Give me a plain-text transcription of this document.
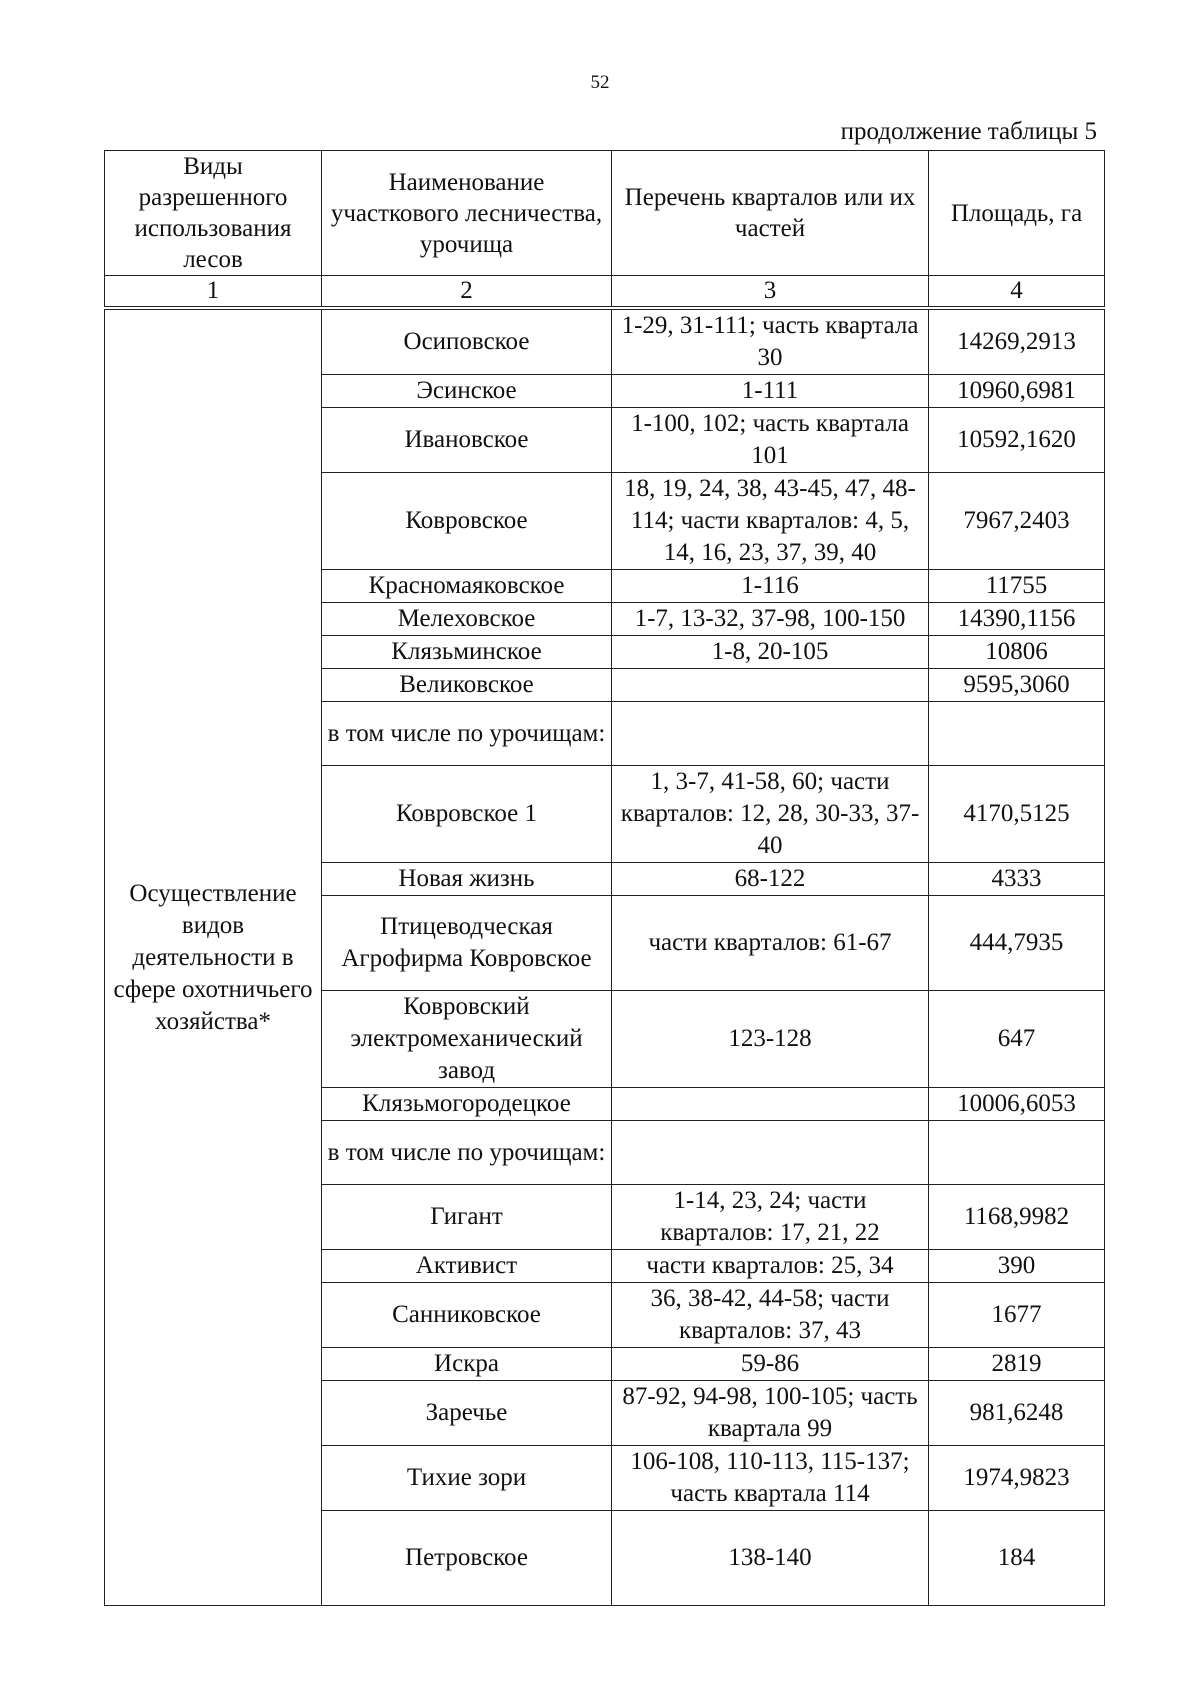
52
продолжение таблицы 5
Виды разрешенного использования лесов	Наименование участкового лесничества, урочища	Перечень кварталов или их частей	Площадь, га
1	2	3	4
Осуществление видов деятельности в сфере охотничьего хозяйства*	Осиповское	1-29, 31-111; часть квартала 30	14269,2913
	Эсинское	1-111	10960,6981
	Ивановское	1-100, 102; часть квартала 101	10592,1620
	Ковровское	18, 19, 24, 38, 43-45, 47, 48-114; части кварталов: 4, 5, 14, 16, 23, 37, 39, 40	7967,2403
	Красномаяковское	1-116	11755
	Мелеховское	1-7, 13-32, 37-98, 100-150	14390,1156
	Клязьминское	1-8, 20-105	10806
	Великовское		9595,3060
	в том числе по урочищам:		
	Ковровское 1	1, 3-7, 41-58, 60; части кварталов: 12, 28, 30-33, 37-40	4170,5125
	Новая жизнь	68-122	4333
	Птицеводческая Агрофирма Ковровское	части кварталов: 61-67	444,7935
	Ковровский электромеханический завод	123-128	647
	Клязьмогородецкое		10006,6053
	в том числе по урочищам:		
	Гигант	1-14, 23, 24; части кварталов: 17, 21, 22	1168,9982
	Активист	части кварталов: 25, 34	390
	Санниковское	36, 38-42, 44-58; части кварталов: 37, 43	1677
	Искра	59-86	2819
	Заречье	87-92, 94-98, 100-105; часть квартала 99	981,6248
	Тихие зори	106-108, 110-113, 115-137; часть квартала 114	1974,9823
	Петровское	138-140	184
